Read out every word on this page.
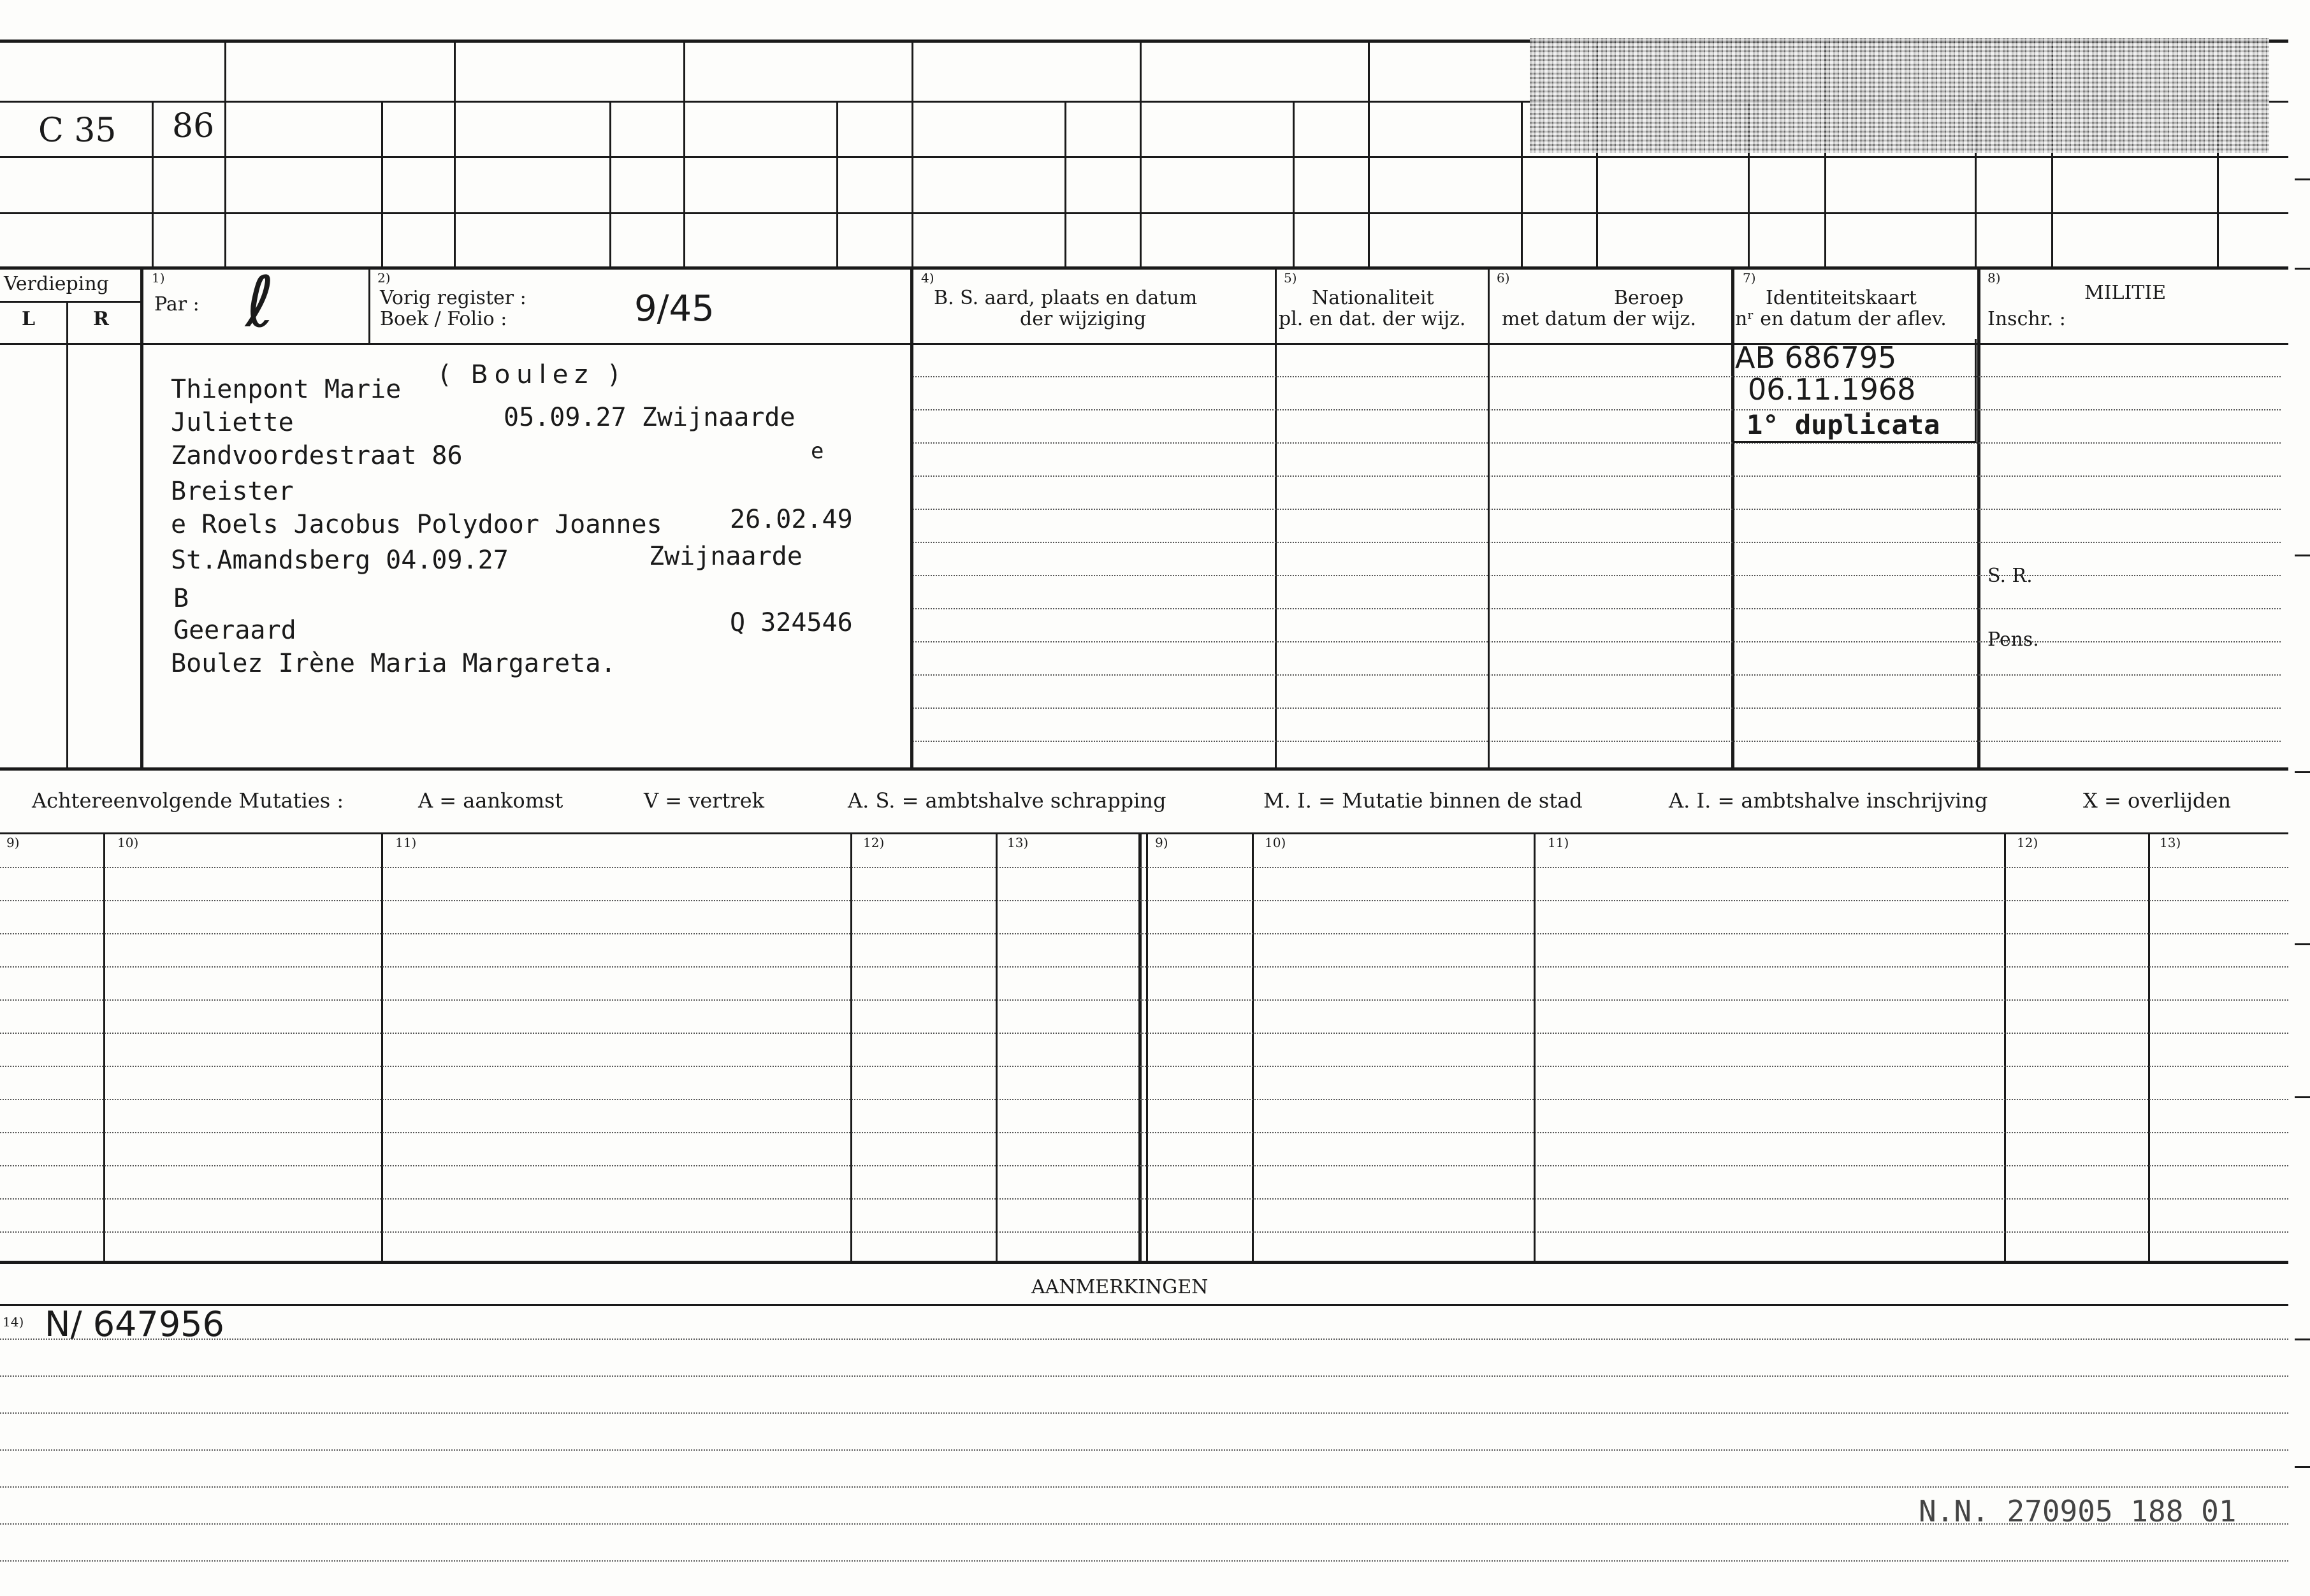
C 35 86
Verdieping
L	R
1)
Par : ℓ	2)
Vorig register :
Boek / Folio :	9/45
4)
B. S. aard, plaats en datum
der wijziging
5)
Nationaliteit
pl. en dat. der wijz.
6)
Beroep
met datum der wijz.
7)
Identiteitskaart
nʳ en datum der aflev.
8)
MILITIE
Inschr. :
S. R.
Pens.
Thienpont Marie ( Boulez )
Juliette	05.09.27 Zwijnaarde
Zandvoordestraat 86	e
Breister
e Roels Jacobus Polydoor Joannes	26.02.49
St.Amandsberg 04.09.27	Zwijnaarde
B
Geeraard	Q 324546
Boulez Irène Maria Margareta.
AB 686795
06.11.1968
1° duplicata
Achtereenvolgende Mutaties :	A = aankomst	V = vertrek	A. S. = ambtshalve schrapping	M. I. = Mutatie binnen de stad	A. I. = ambtshalve inschrijving	X = overlijden
9)	10)	11)	12)	13)	9)	10)	11)	12)	13)
AANMERKINGEN
14) N/ 647956
N.N. 270905 188 01
